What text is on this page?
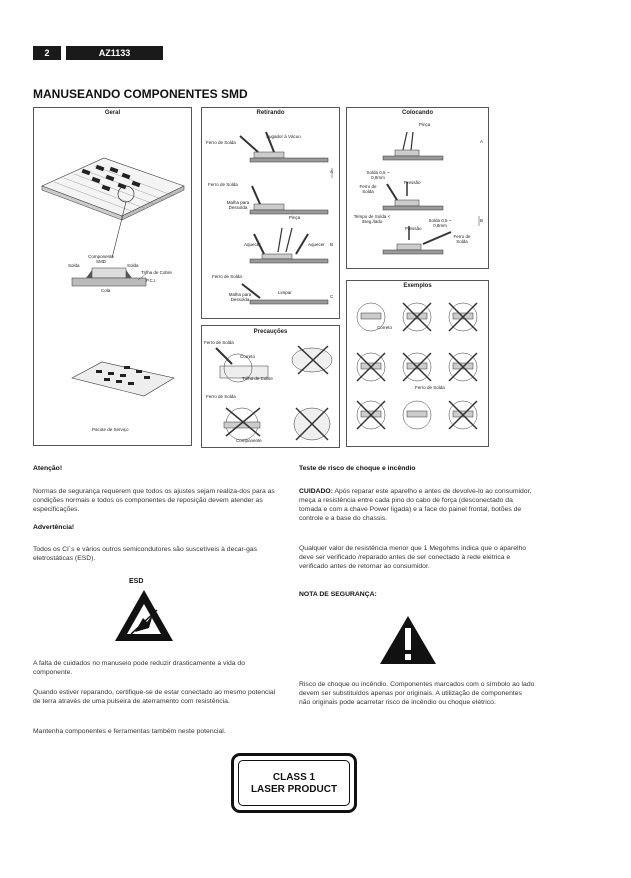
2	AZ1133
MANUSEANDO COMPONENTES SMD
Geral
Componente SMD
Solda	Solda
Trilha de Cobre
P.C.I.
Cola
Pacote de Serviço
Retirando
Ferro de Solda
Sugador à Vácuo
A
Ferro de Solda
Malha para Dessolda
Pinça
Aquecer	Aquecer B
Ferro de Solda
Malha para Dessolda
Limpar
C
Colocando
Pinça
A
Solda 0,5 ~ 0,8mm
Pressão
Ferro de Solda
Tempo de Solda < 3seg./lado	Solda 0,5 ~ 0,8mm
B
Pressão
Ferro de Solda
Precauções
Ferro de Solda
Correto
Trilha de Cobre
Ferro de Solda
Componente
Exemplos
Correto
Ferro de Solda
Atenção!
Normas de segurança requerem que todos os ajustes sejam realiza-dos para as condições normais e todos os componentes de reposição devem atender as especificações.
Advertência!
Todos os CI´s e vários outros semicondutores são suscetíveis à decar-gas eletrostáticas (ESD).
ESD
A falta de cuidados no manuseio pode reduzir drasticamente a vida do componente.
Quando estiver reparando, certifique-se de estar conectado ao mesmo potencial de terra através de uma pulseira de aterramento com resistência.
Mantenha componentes e ferramentas também neste potencial.
Teste de risco de choque e incêndio
CUIDADO: Após reparar este aparelho e antes de devolve-lo ao consumidor, meça a resistência entre cada pino do cabo de força (desconectado da tomada e com a chave Power ligada) e a face do painel frontal, botões de controle e a base do chassis.
Qualquer valor de resistência menor que 1 Megohms indica que o aparelho deve ser verificado /reparado antes de ser conectado à rede elétrica e verificado antes de retornar ao consumidor.
NOTA DE SEGURANÇA:
Risco de choque ou incêndio. Componentes marcados com o símbolo ao lado devem ser substituídos apenas por originais. A utilização de componentes não originais pode acarretar risco de incêndio ou choque elétrico.
CLASS 1
LASER PRODUCT
